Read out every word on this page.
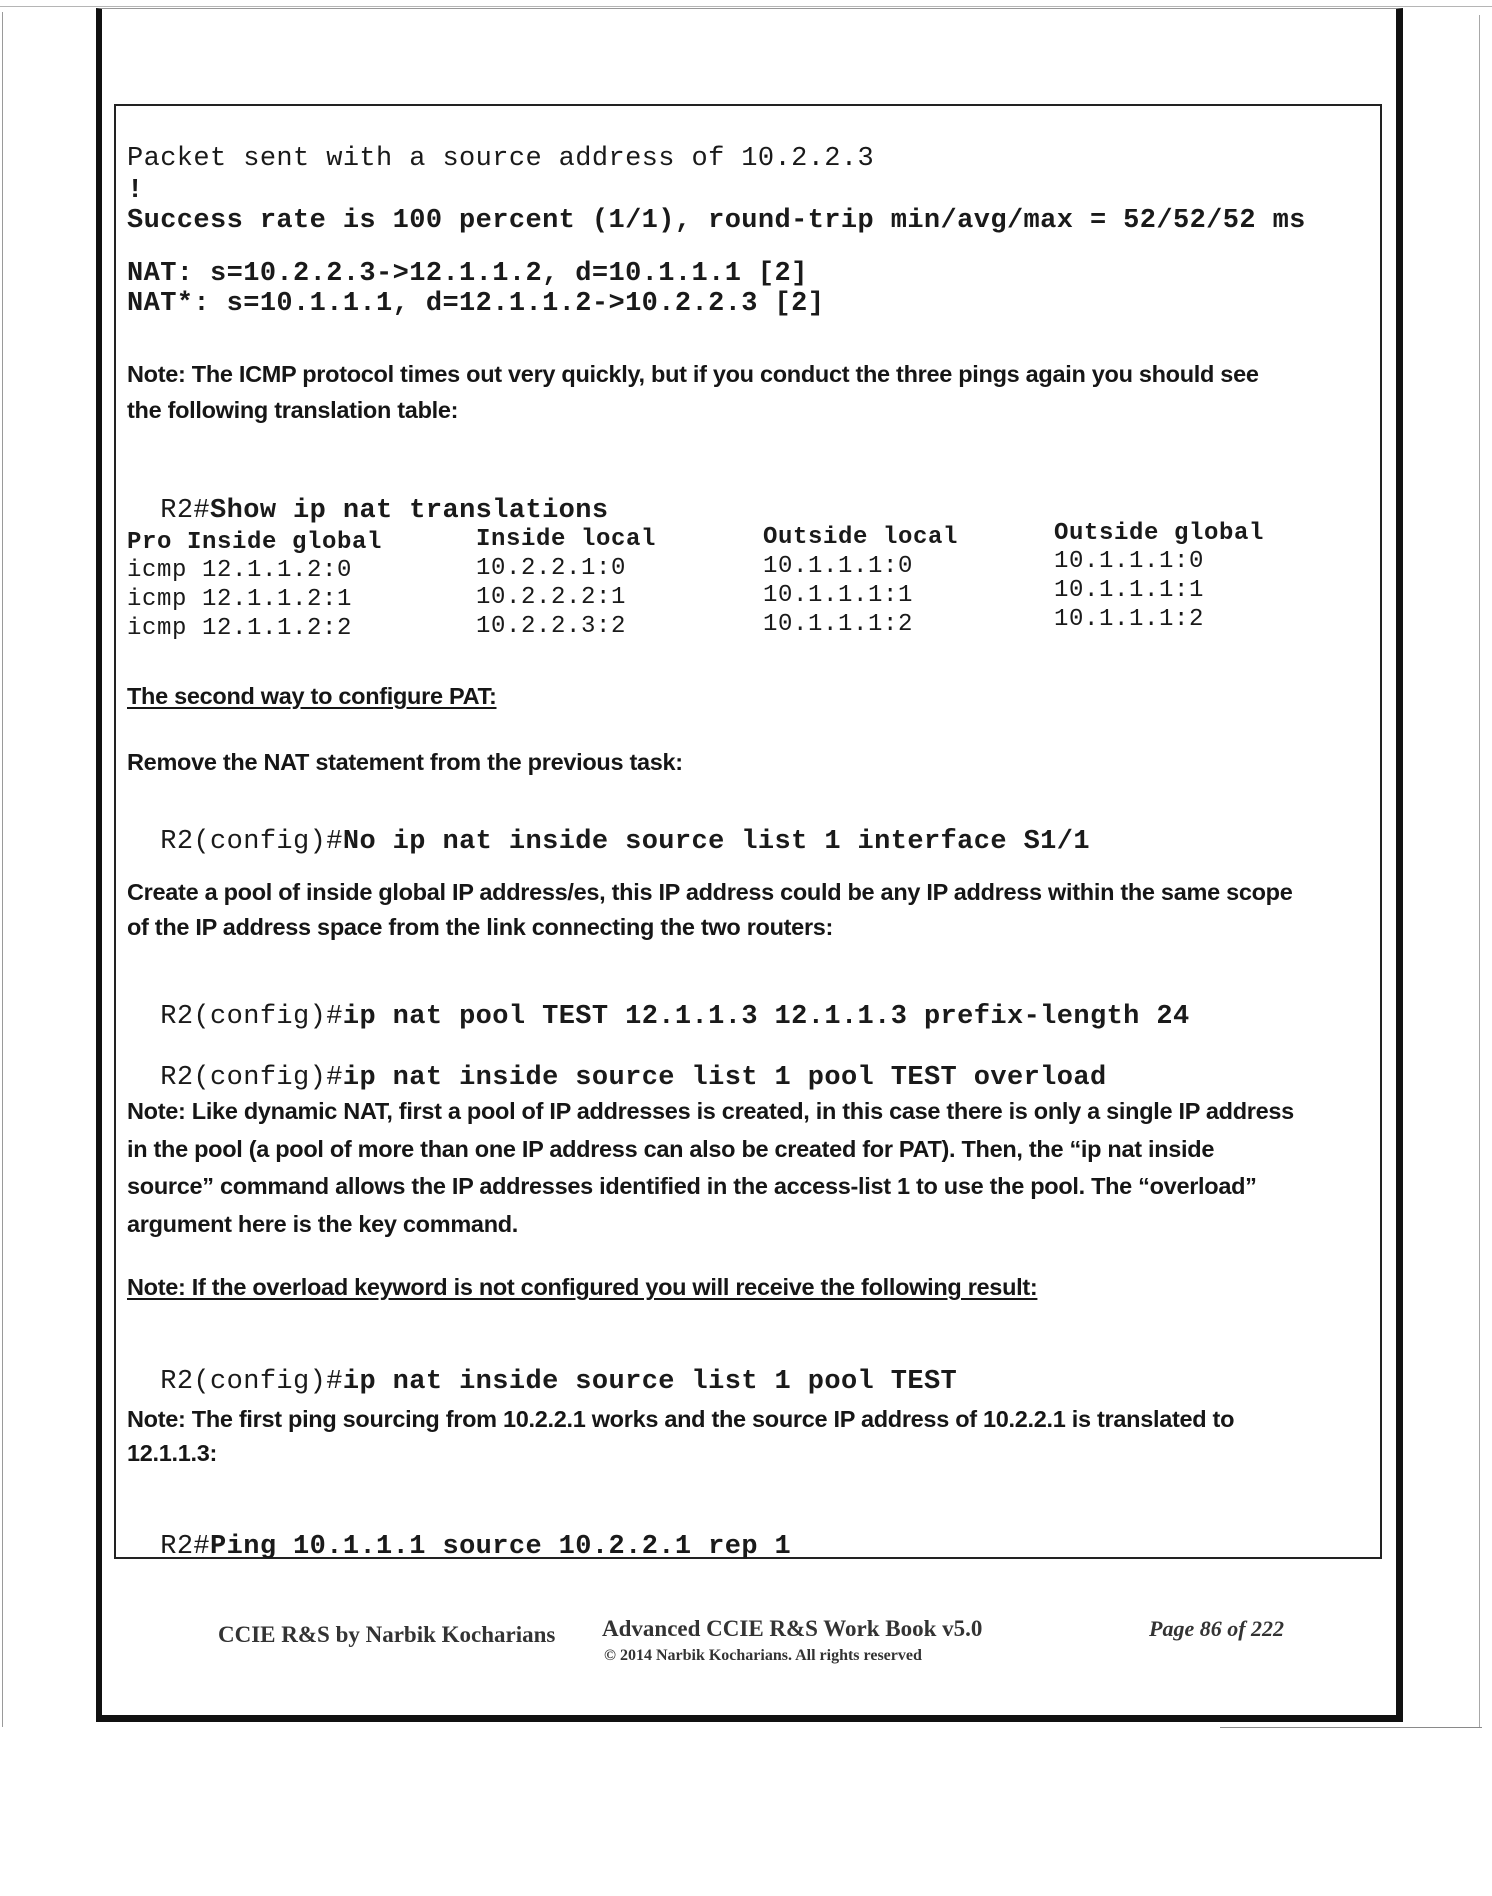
Packet sent with a source address of 10.2.2.3
!
Success rate is 100 percent (1/1), round-trip min/avg/max = 52/52/52 ms
NAT: s=10.2.2.3->12.1.1.2, d=10.1.1.1 [2]
NAT*: s=10.1.1.1, d=12.1.1.2->10.2.2.3 [2]
Note: The ICMP protocol times out very quickly, but if you conduct the three pings again you should see
the following translation table:

R2#Show ip nat translations

Pro Inside global	Inside local	Outside local	Outside global
icmp 12.1.1.2:0	10.2.2.1:0	10.1.1.1:0	10.1.1.1:0
icmp 12.1.1.2:1	10.2.2.2:1	10.1.1.1:1	10.1.1.1:1
icmp 12.1.1.2:2	10.2.2.3:2	10.1.1.1:2	10.1.1.1:2
The second way to configure PAT:
Remove the NAT statement from the previous task:

R2(config)#No ip nat inside source list 1 interface S1/1

Create a pool of inside global IP address/es, this IP address could be any IP address within the same scope
of the IP address space from the link connecting the two routers:

R2(config)#ip nat pool TEST 12.1.1.3 12.1.1.3 prefix-length 24

R2(config)#ip nat inside source list 1 pool TEST overload

Note: Like dynamic NAT, first a pool of IP addresses is created, in this case there is only a single IP address
in the pool (a pool of more than one IP address can also be created for PAT). Then, the “ip nat inside
source” command allows the IP addresses identified in the access-list 1 to use the pool. The “overload”
argument here is the key command.
Note: If the overload keyword is not configured you will receive the following result:

R2(config)#ip nat inside source list 1 pool TEST

Note: The first ping sourcing from 10.2.2.1 works and the source IP address of 10.2.2.1 is translated to
12.1.1.3:

R2#Ping 10.1.1.1 source 10.2.2.1 rep 1

CCIE R&S by Narbik Kocharians Advanced CCIE R&S Work Book v5.0
© 2014 Narbik Kocharians. All rights reserved
Page 86 of 222
